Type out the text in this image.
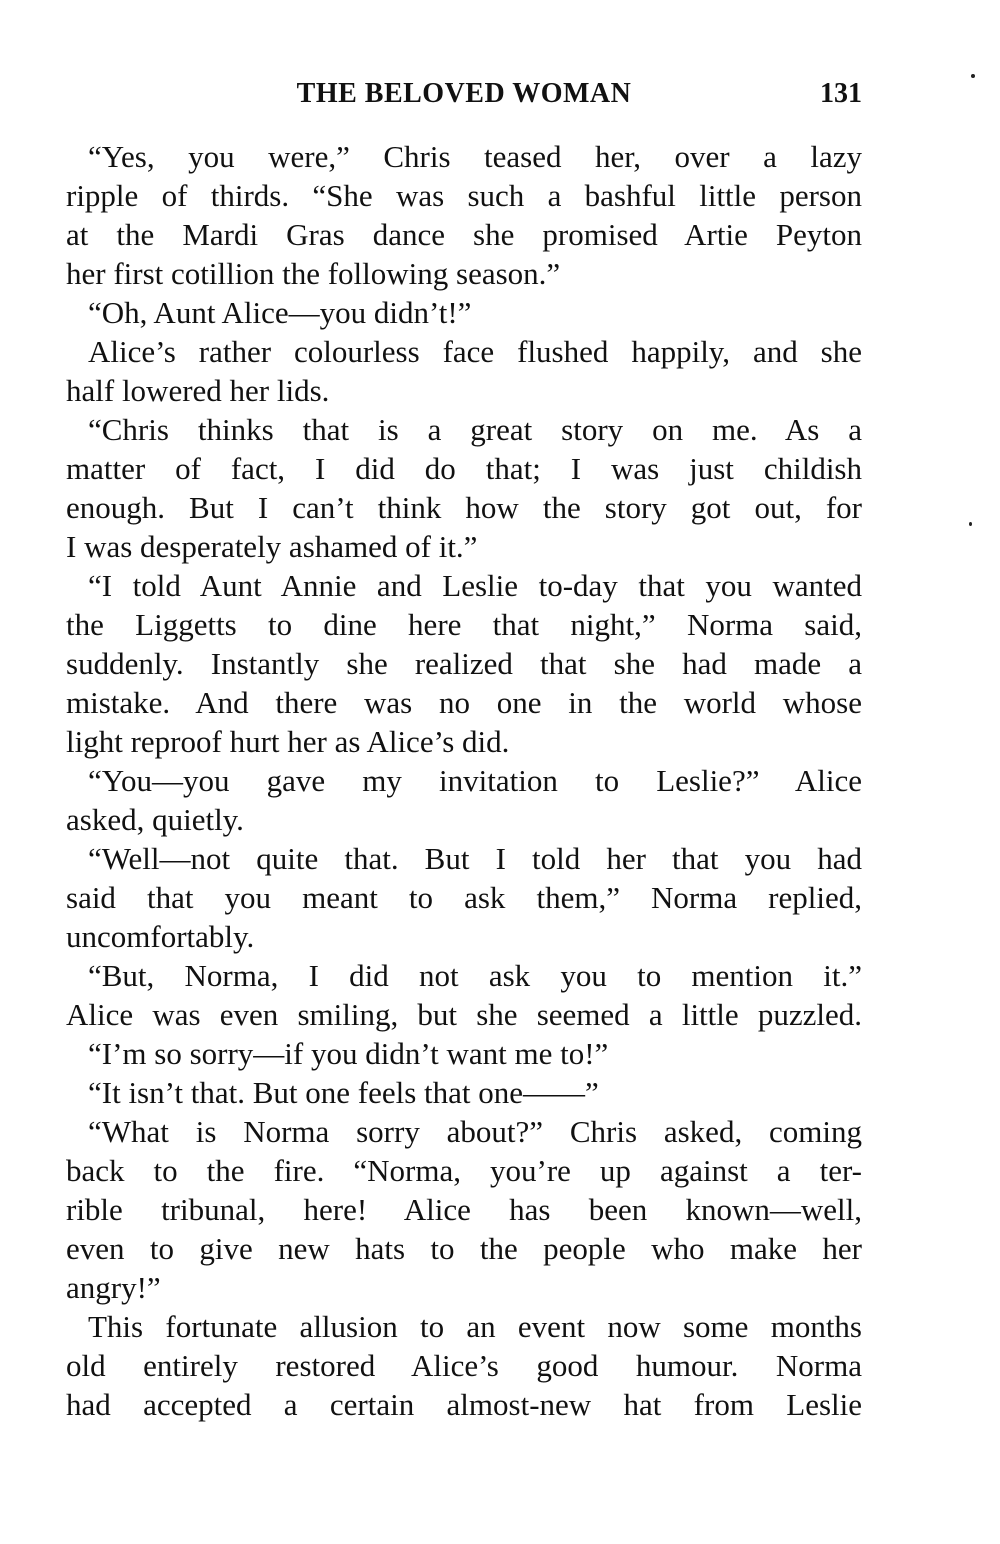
THE BELOVED WOMAN	131
“Yes, you were,” Chris teased her, over a lazy
ripple of thirds. “She was such a bashful little person
at the Mardi Gras dance she promised Artie Peyton
her first cotillion the following season.”
“Oh, Aunt Alice—you didn’t!”
Alice’s rather colourless face flushed happily, and she
half lowered her lids.
“Chris thinks that is a great story on me. As a
matter of fact, I did do that; I was just childish
enough. But I can’t think how the story got out, for
I was desperately ashamed of it.”
“I told Aunt Annie and Leslie to-day that you wanted
the Liggetts to dine here that night,” Norma said,
suddenly. Instantly she realized that she had made a
mistake. And there was no one in the world whose
light reproof hurt her as Alice’s did.
“You—you gave my invitation to Leslie?” Alice
asked, quietly.
“Well—not quite that. But I told her that you had
said that you meant to ask them,” Norma replied,
uncomfortably.
“But, Norma, I did not ask you to mention it.”
Alice was even smiling, but she seemed a little puzzled.
“I’m so sorry—if you didn’t want me to!”
“It isn’t that. But one feels that one——”
“What is Norma sorry about?” Chris asked, coming
back to the fire. “Norma, you’re up against a ter-
rible tribunal, here! Alice has been known—well,
even to give new hats to the people who make her
angry!”
This fortunate allusion to an event now some months
old entirely restored Alice’s good humour. Norma
had accepted a certain almost-new hat from Leslie
